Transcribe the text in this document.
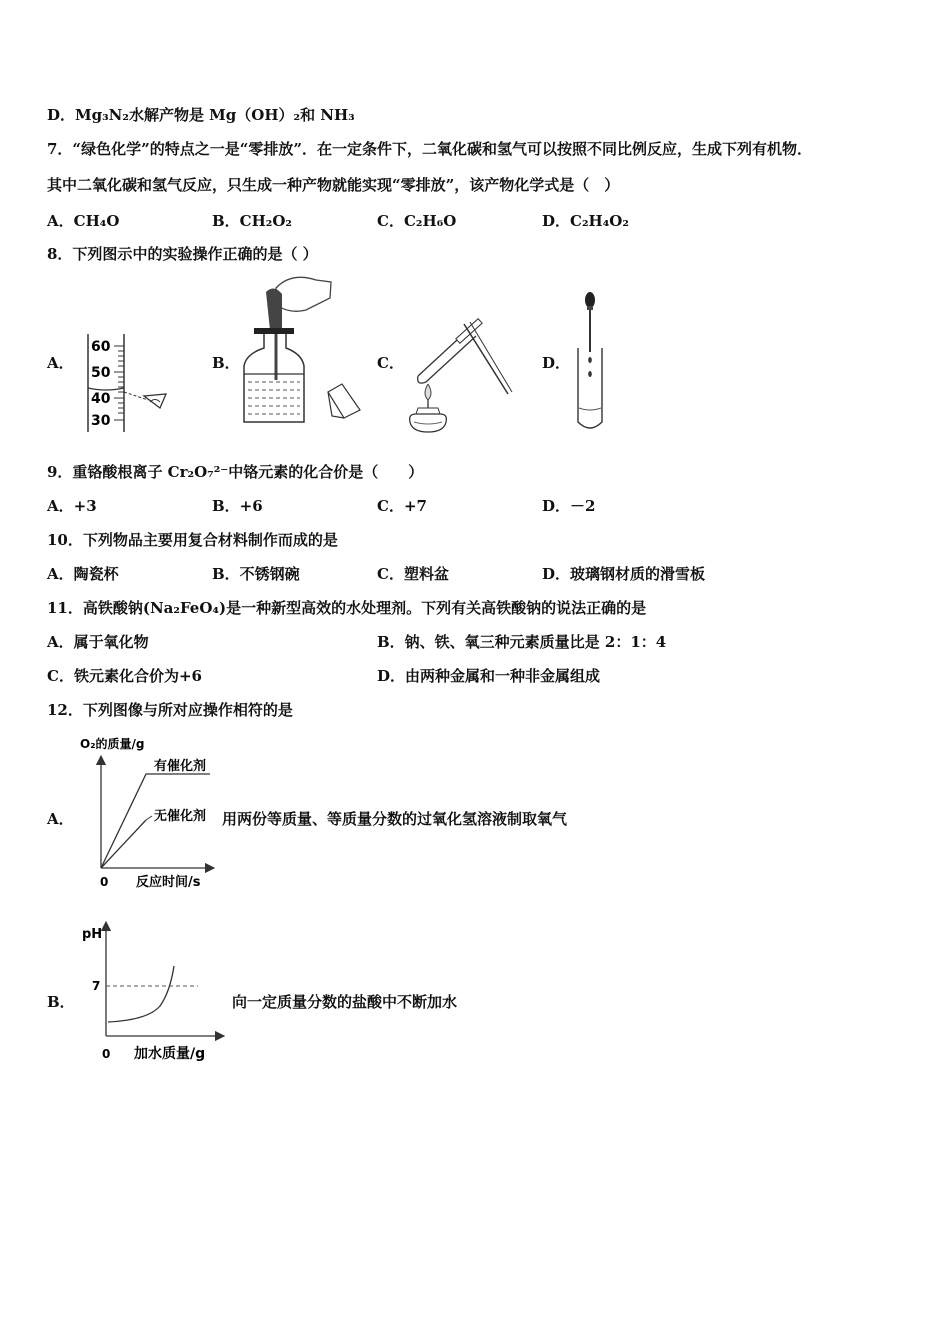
D．Mg₃N₂水解产物是 Mg（OH）₂和 NH₃
7．“绿色化学”的特点之一是“零排放”．在一定条件下，二氧化碳和氢气可以按照不同比例反应，生成下列有机物．
其中二氧化碳和氢气反应，只生成一种产物就能实现“零排放”，该产物化学式是（　）
A．CH₄O	B．CH₂O₂	C．C₂H₆O	D．C₂H₄O₂
8．下列图示中的实验操作正确的是（ ）
A．	B．	C．	D．
60
50
40
30
9．重铬酸根离子 Cr₂O₇²⁻中铬元素的化合价是（　　）
A．+3	B．+6	C．+7	D．－2
10．下列物品主要用复合材料制作而成的是
A．陶瓷杯	B．不锈钢碗	C．塑料盆	D．玻璃钢材质的滑雪板
11．高铁酸钠(Na₂FeO₄)是一种新型高效的水处理剂。下列有关高铁酸钠的说法正确的是
A．属于氧化物	B．钠、铁、氧三种元素质量比是 2：1：4
C．铁元素化合价为+6	D．由两种金属和一种非金属组成
12．下列图像与所对应操作相符的是
A．
O₂的质量/g
有催化剂
无催化剂
0 反应时间/s
用两份等质量、等质量分数的过氧化氢溶液制取氧气
B．
pH
7
0 加水质量/g
向一定质量分数的盐酸中不断加水
